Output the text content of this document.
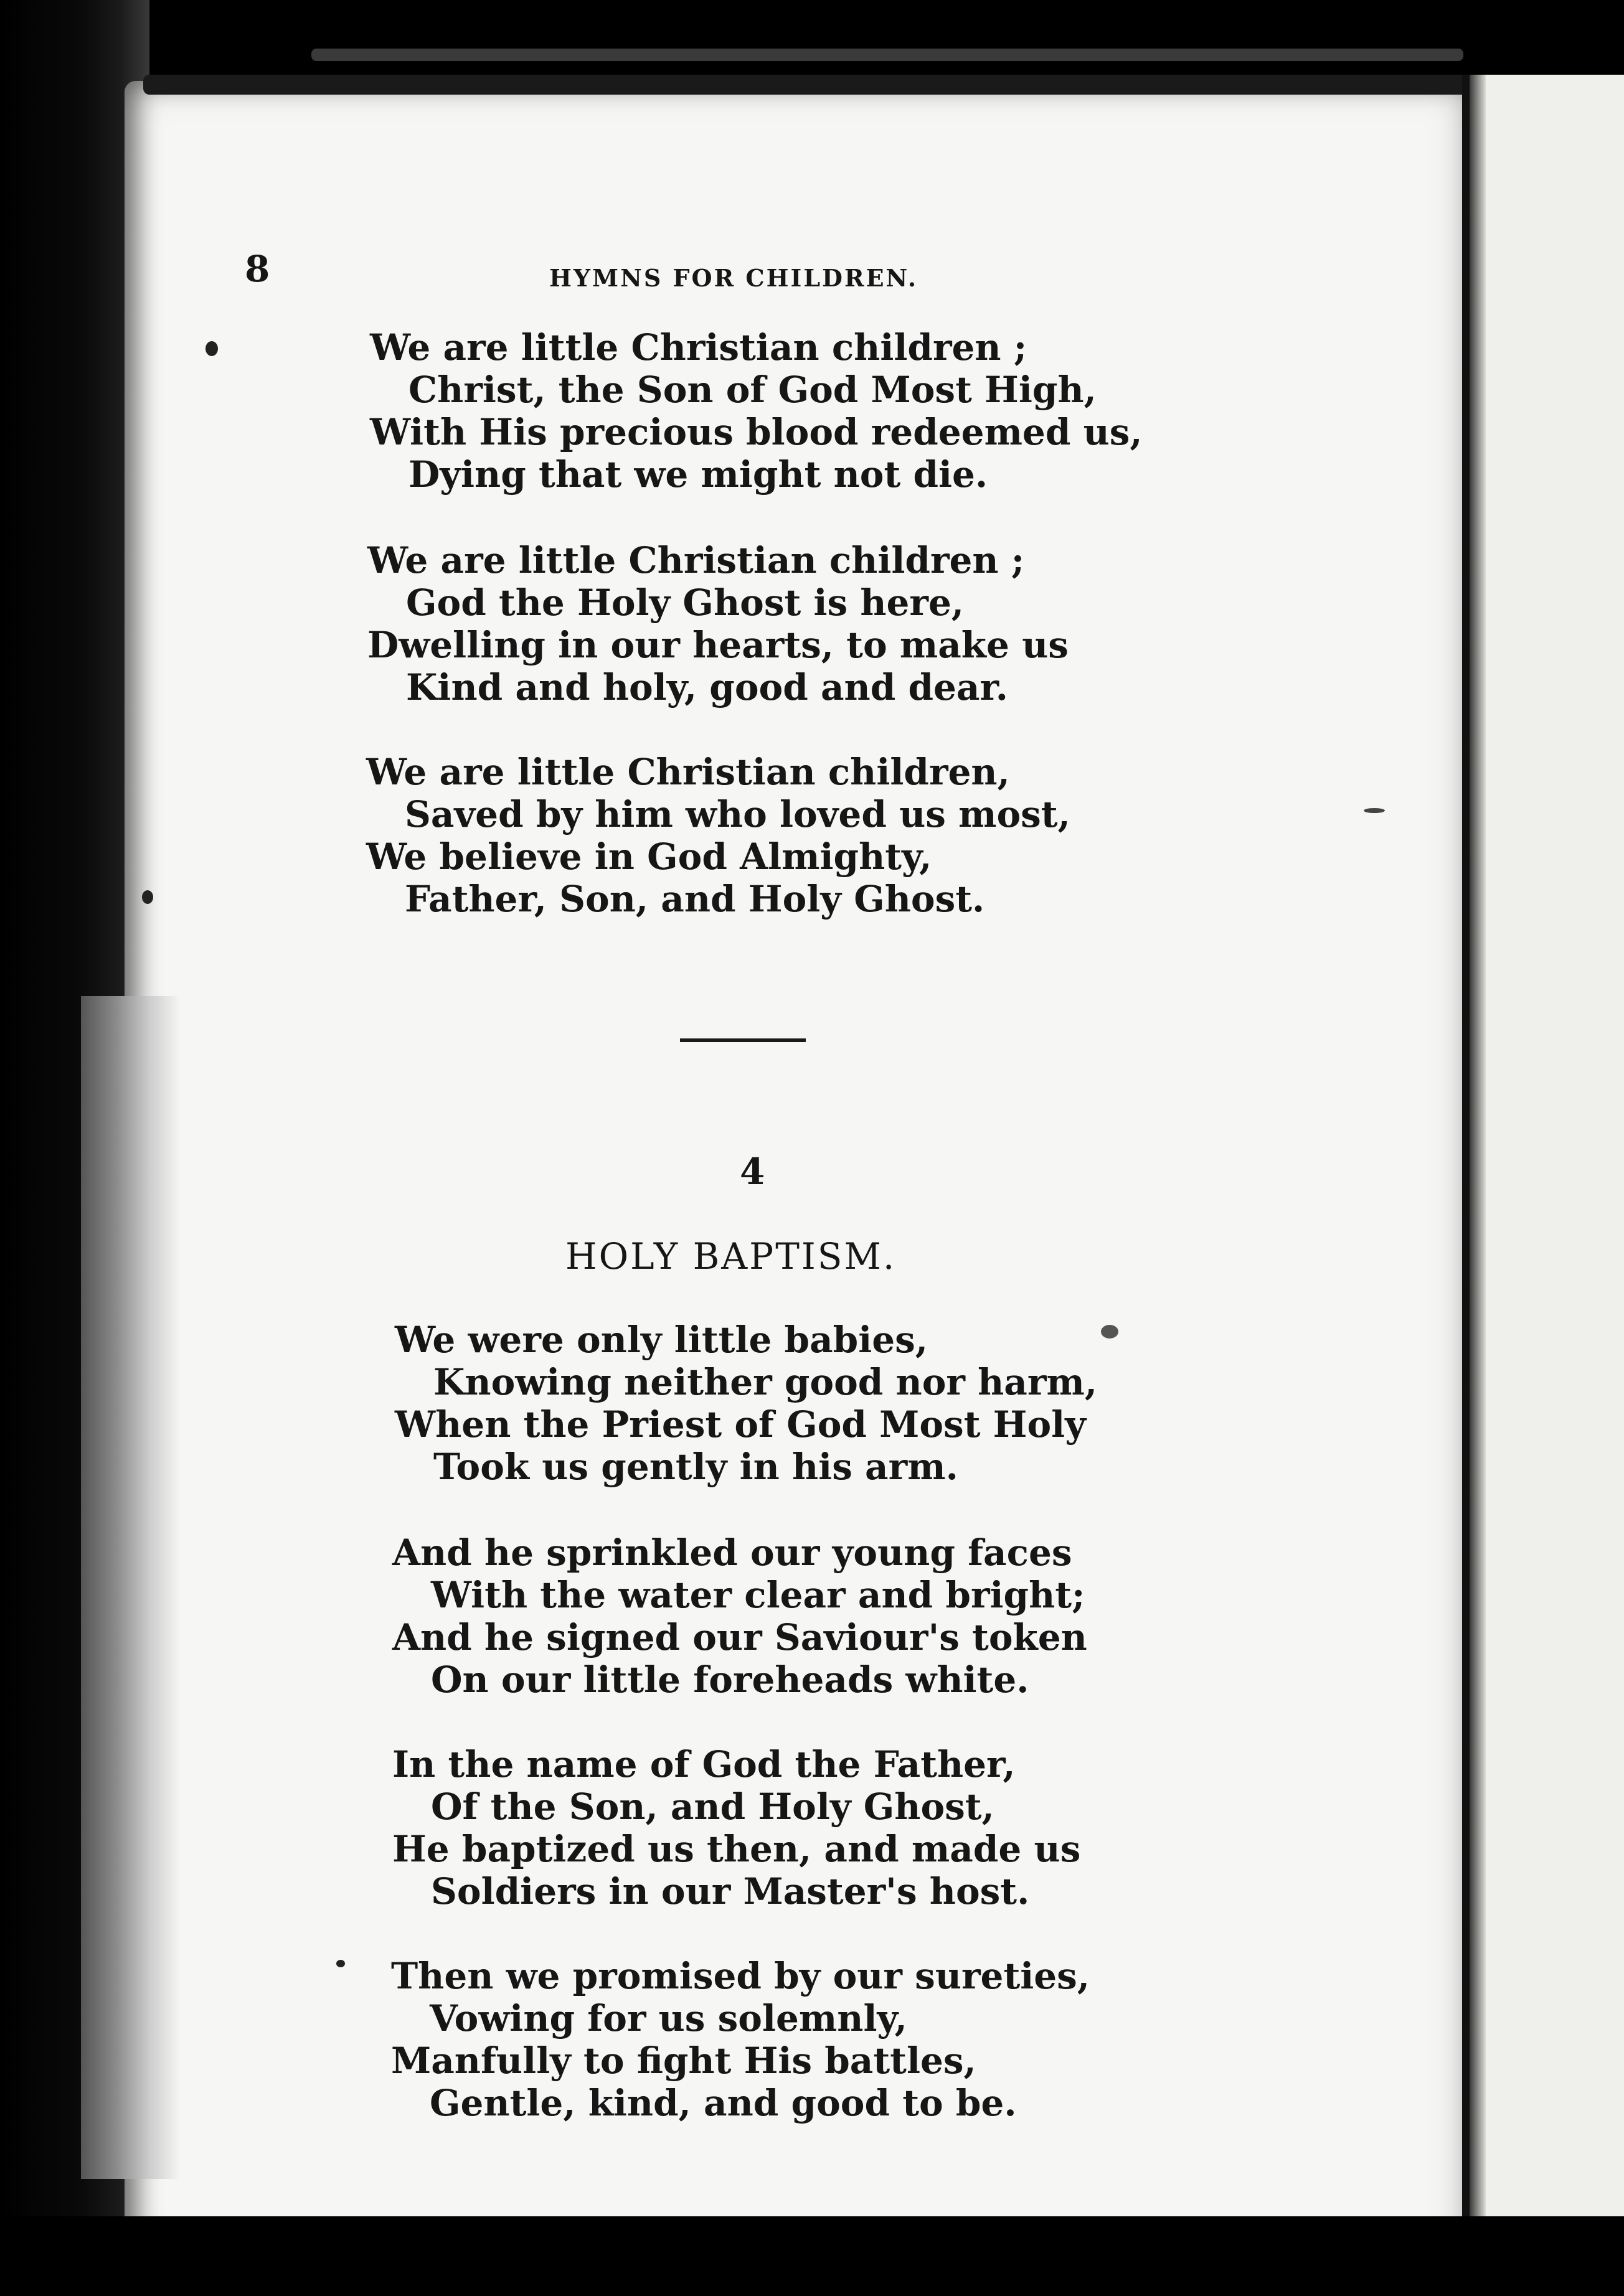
8	HYMNS FOR CHILDREN.

We are little Christian children ;

Christ, the Son of God Most High,

With His precious blood redeemed us,

Dying that we might not die.

We are little Christian children ;

God the Holy Ghost is here,

Dwelling in our hearts, to make us

Kind and holy, good and dear.

We are little Christian children,

Saved by him who loved us most,

We believe in God Almighty,

Father, Son, and Holy Ghost.

4
HOLY BAPTISM.

We were only little babies,

Knowing neither good nor harm,

When the Priest of God Most Holy

Took us gently in his arm.

And he sprinkled our young faces

With the water clear and bright;

And he signed our Saviour's token

On our little foreheads white.

In the name of God the Father,

Of the Son, and Holy Ghost,

He baptized us then, and made us

Soldiers in our Master's host.

Then we promised by our sureties,

Vowing for us solemnly,

Manfully to fight His battles,

Gentle, kind, and good to be.
